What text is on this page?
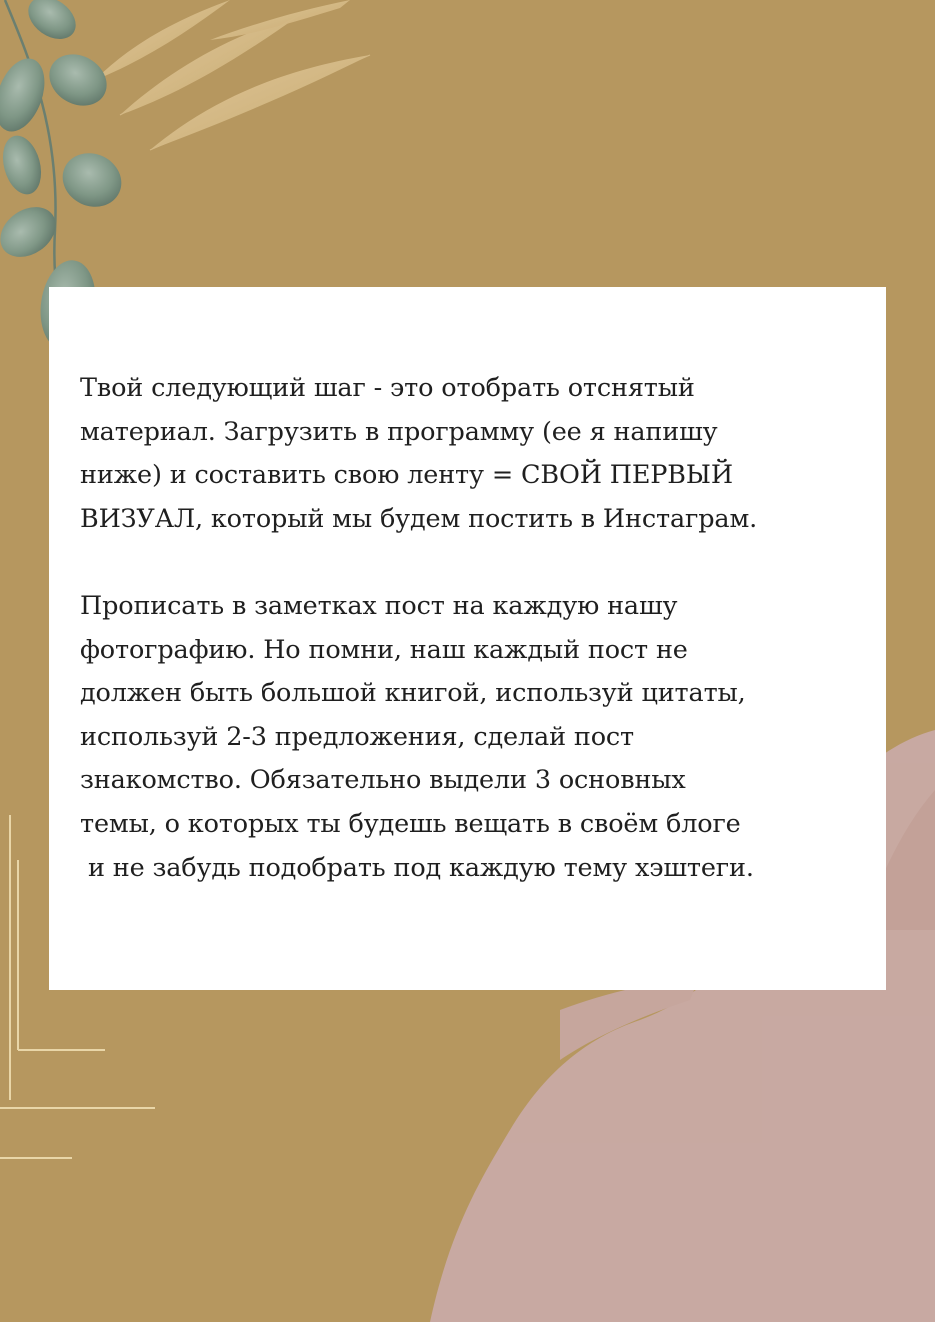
Твой следующий шаг - это отобрать отснятый
материал. Загрузить в программу (ее я напишу
ниже) и составить свою ленту = СВОЙ ПЕРВЫЙ
ВИЗУАЛ, который мы будем постить в Инстаграм.

Прописать в заметках пост на каждую нашу
фотографию. Но помни, наш каждый пост не
должен быть большой книгой, используй цитаты,
используй 2-3 предложения, сделай пост
знакомство. Обязательно выдели 3 основных
темы, о которых ты будешь вещать в своём блоге
и не забудь подобрать под каждую тему хэштеги.
